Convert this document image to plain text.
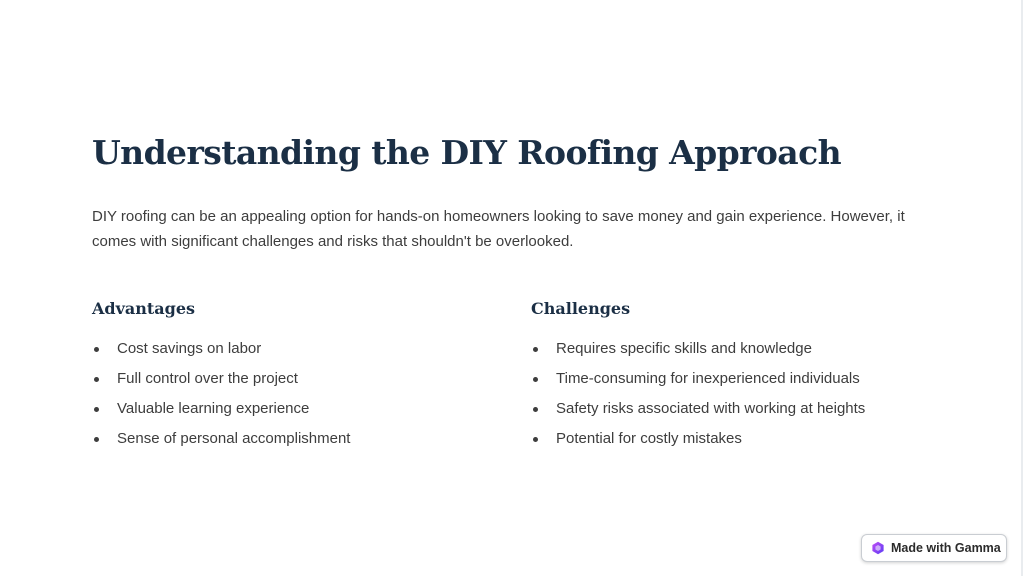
Understanding the DIY Roofing Approach

DIY roofing can be an appealing option for hands-on homeowners looking to save money and gain experience. However, it comes with significant challenges and risks that shouldn't be overlooked.

Advantages
Cost savings on labor
Full control over the project
Valuable learning experience
Sense of personal accomplishment
Challenges
Requires specific skills and knowledge
Time-consuming for inexperienced individuals
Safety risks associated with working at heights
Potential for costly mistakes
Made with Gamma
